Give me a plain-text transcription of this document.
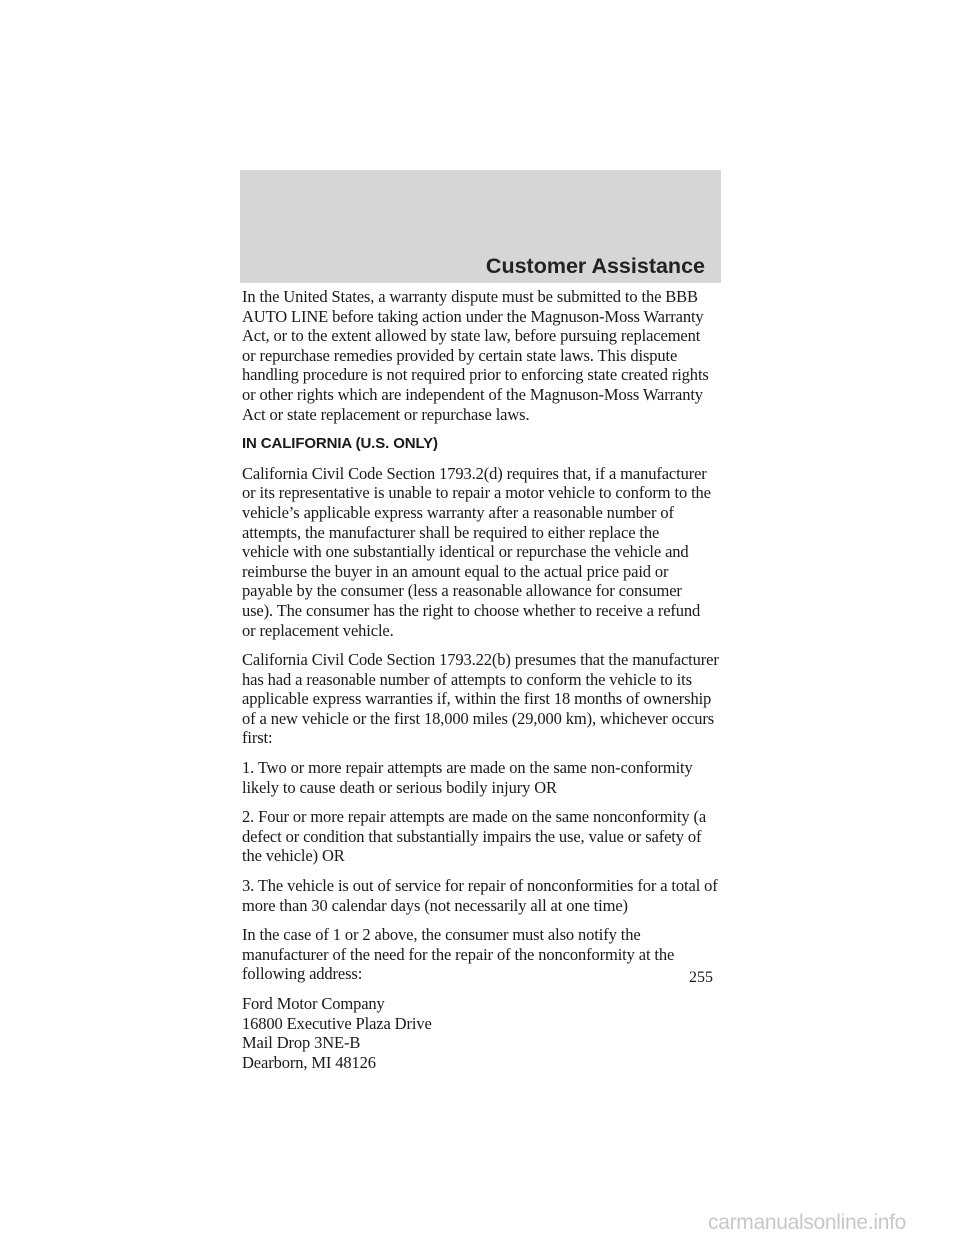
Customer Assistance

In the United States, a warranty dispute must be submitted to the BBB
AUTO LINE before taking action under the Magnuson-Moss Warranty
Act, or to the extent allowed by state law, before pursuing replacement
or repurchase remedies provided by certain state laws. This dispute
handling procedure is not required prior to enforcing state created rights
or other rights which are independent of the Magnuson-Moss Warranty
Act or state replacement or repurchase laws.

IN CALIFORNIA (U.S. ONLY)

California Civil Code Section 1793.2(d) requires that, if a manufacturer
or its representative is unable to repair a motor vehicle to conform to the
vehicle’s applicable express warranty after a reasonable number of
attempts, the manufacturer shall be required to either replace the
vehicle with one substantially identical or repurchase the vehicle and
reimburse the buyer in an amount equal to the actual price paid or
payable by the consumer (less a reasonable allowance for consumer
use). The consumer has the right to choose whether to receive a refund
or replacement vehicle.

California Civil Code Section 1793.22(b) presumes that the manufacturer
has had a reasonable number of attempts to conform the vehicle to its
applicable express warranties if, within the first 18 months of ownership
of a new vehicle or the first 18,000 miles (29,000 km), whichever occurs
first:

1. Two or more repair attempts are made on the same non-conformity
likely to cause death or serious bodily injury OR

2. Four or more repair attempts are made on the same nonconformity (a
defect or condition that substantially impairs the use, value or safety of
the vehicle) OR

3. The vehicle is out of service for repair of nonconformities for a total of
more than 30 calendar days (not necessarily all at one time)

In the case of 1 or 2 above, the consumer must also notify the
manufacturer of the need for the repair of the nonconformity at the
following address:

Ford Motor Company
16800 Executive Plaza Drive
Mail Drop 3NE-B
Dearborn, MI 48126

255
carmanualsonline.info
